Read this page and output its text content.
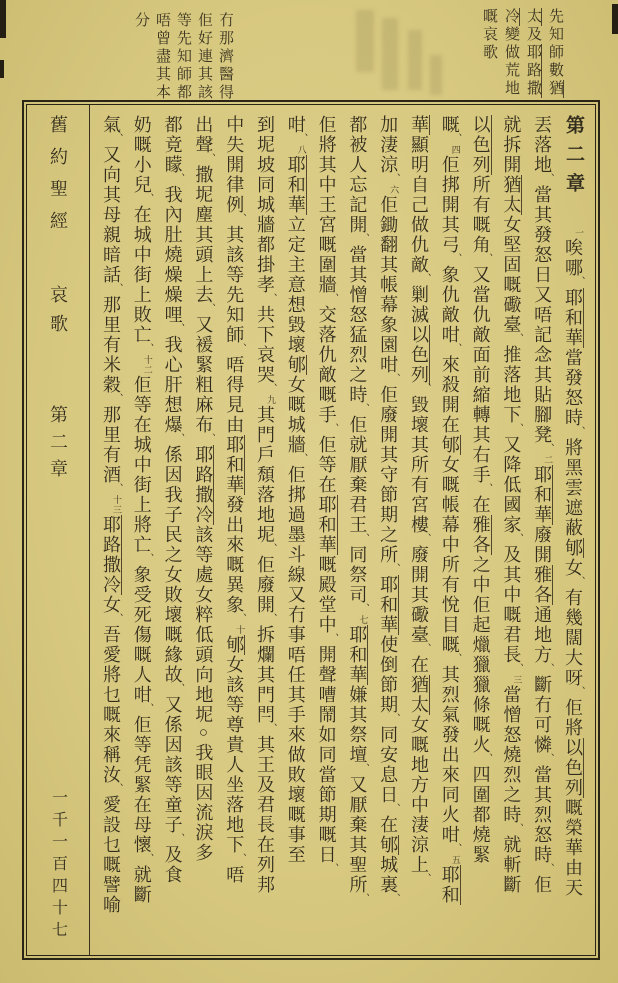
冇那濟醫得佢好連其該等先知師都唔曾盡其本分	先知師數猶太及耶路撒冷變做荒地嘅哀歌
舊約聖經
哀歌
第二章
一千一百四十七
第二章一唉哪、耶和華當發怒時、將黑雲遮蔽郇女、有幾闊大呀、佢將以色列嘅榮華由天
丟落地、當其發怒日又唔記念其貼腳凳、二耶和華廢開雅各通地方、斷冇可憐、當其烈怒時、佢
就拆開猶太女堅固嘅礮臺、推落地下、又降低國家、及其中嘅君長、三當憎怒燒烈之時、就斬斷
以色列所有嘅角、又當仇敵面前縮轉其右手、在雅各之中佢起爉獵獵條嘅火、四圍都燒緊
嘅、四佢挷開其弓、象仇敵咁、來殺開在郇女嘅帳幕中所有悅目嘅、其烈氣發出來同火咁、五耶和
華顯明自己做仇敵、剿滅以色列、毀壞其所有宮樓、廢開其礮臺、在猶太女嘅地方中淒涼上、
加淒涼、六佢鋤翻其帳幕象園咁、佢廢開其守節期之所、耶和華使倒節期、同安息日、在郇城裏、
都被人忘記開、當其憎怒猛烈之時、佢就厭棄君王、同祭司、七耶和華嫌其祭壇、又厭棄其聖所、
佢將其中王宮嘅圍牆、交落仇敵嘅手、佢等在耶和華嘅殿堂中、開聲嘈鬧如同當節期嘅日、
咁、八耶和華立定主意想毀壞郇女嘅城牆、佢挷過墨斗線又冇事唔任其手來做敗壞嘅事至
到坭坡同城牆都掛孝、共下哀哭、九其門戶頹落地坭、佢廢開、拆爛其門閂、其王及君長在列邦
中失開律例、其該等先知師、唔得見由耶和華發出來嘅異象、十郇女該等尊貴人坐落地下、唔
出聲、撒坭塵其頭上去、又褑緊粗麻布、耶路撒冷該等處女粹低頭向地坭○我眼因流淚多
都竟矇、我內肚燒燥燥哩、我心肝想爆、係因我子民之女敗壞嘅緣故、又係因該等童子、及食
奶嘅小兒、在城中街上敗亡、十二佢等在城中街上將亡、象受死傷嘅人咁、佢等凭緊在母懷、就斷
氣、又向其母親暗話、那里有米穀、那里有酒、十三耶路撒冷女、吾愛將乜嘅來稱汝、愛設乜嘅譬喻
